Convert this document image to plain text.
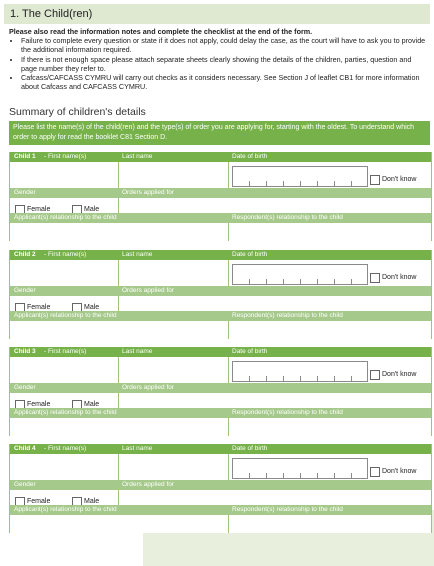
1. The Child(ren)
Please also read the information notes and complete the checklist at the end of the form.
• Failure to complete every question or state if it does not apply, could delay the case, as the court will have to ask you to provide the additional information required.
• If there is not enough space please attach separate sheets clearly showing the details of the children, parties, question and page number they refer to.
• Cafcass/CAFCASS CYMRU will carry out checks as it considers necessary. See Section J of leaflet CB1 for more information about Cafcass and CAFCASS CYMRU.
Summary of children's details
Please list the name(s) of the child(ren) and the type(s) of order you are applying for, starting with the oldest. To understand which order to apply for read the booklet C81 Section D.
Child 1 - First name(s)	Last name	Date of birth
Don't know
Gender	Orders applied for
Female	Male
Applicant(s) relationship to the child	Respondent(s) relationship to the child
Child 2 - First name(s)	Last name	Date of birth
Don't know
Gender	Orders applied for
Female	Male
Applicant(s) relationship to the child	Respondent(s) relationship to the child
Child 3 - First name(s)	Last name	Date of birth
Don't know
Gender	Orders applied for
Female	Male
Applicant(s) relationship to the child	Respondent(s) relationship to the child
Child 4 - First name(s)	Last name	Date of birth
Don't know
Gender	Orders applied for
Female	Male
Applicant(s) relationship to the child	Respondent(s) relationship to the child
